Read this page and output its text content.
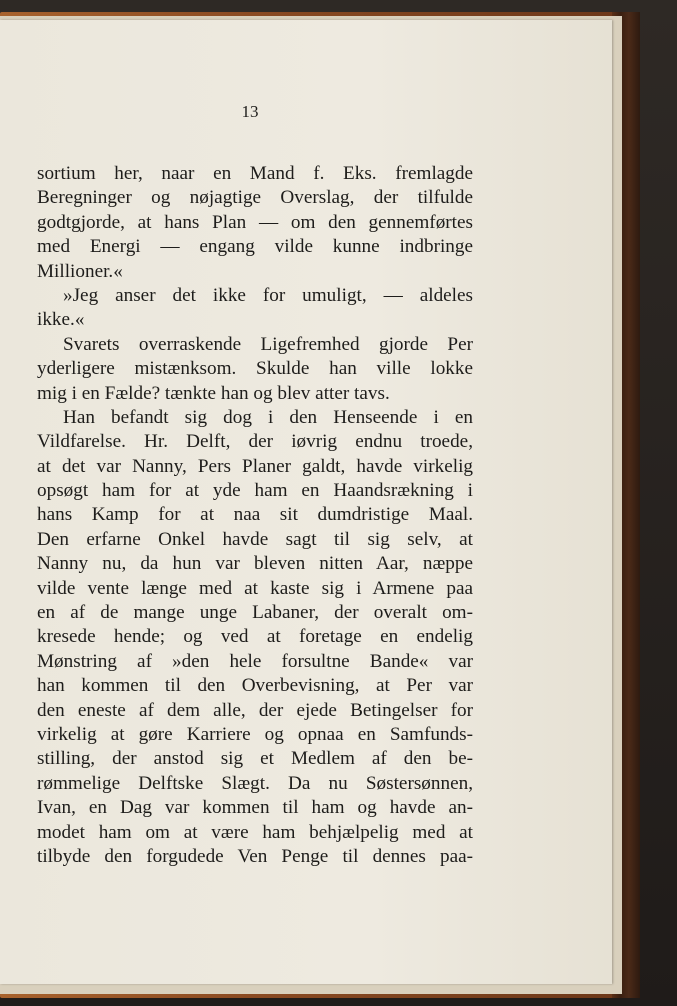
13
sortium her, naar en Mand f. Eks. fremlagde
Beregninger og nøjagtige Overslag, der tilfulde
godtgjorde, at hans Plan — om den gennemførtes
med Energi — engang vilde kunne indbringe
Millioner.«
»Jeg anser det ikke for umuligt, — aldeles
ikke.«
Svarets overraskende Ligefremhed gjorde Per
yderligere mistænksom. Skulde han ville lokke
mig i en Fælde? tænkte han og blev atter tavs.
Han befandt sig dog i den Henseende i en
Vildfarelse. Hr. Delft, der iøvrig endnu troede,
at det var Nanny, Pers Planer galdt, havde virkelig
opsøgt ham for at yde ham en Haandsrækning i
hans Kamp for at naa sit dumdristige Maal.
Den erfarne Onkel havde sagt til sig selv, at
Nanny nu, da hun var bleven nitten Aar, næppe
vilde vente længe med at kaste sig i Armene paa
en af de mange unge Labaner, der overalt om-
kresede hende; og ved at foretage en endelig
Mønstring af »den hele forsultne Bande« var
han kommen til den Overbevisning, at Per var
den eneste af dem alle, der ejede Betingelser for
virkelig at gøre Karriere og opnaa en Samfunds-
stilling, der anstod sig et Medlem af den be-
rømmelige Delftske Slægt. Da nu Søstersønnen,
Ivan, en Dag var kommen til ham og havde an-
modet ham om at være ham behjælpelig med at
tilbyde den forgudede Ven Penge til dennes paa-
